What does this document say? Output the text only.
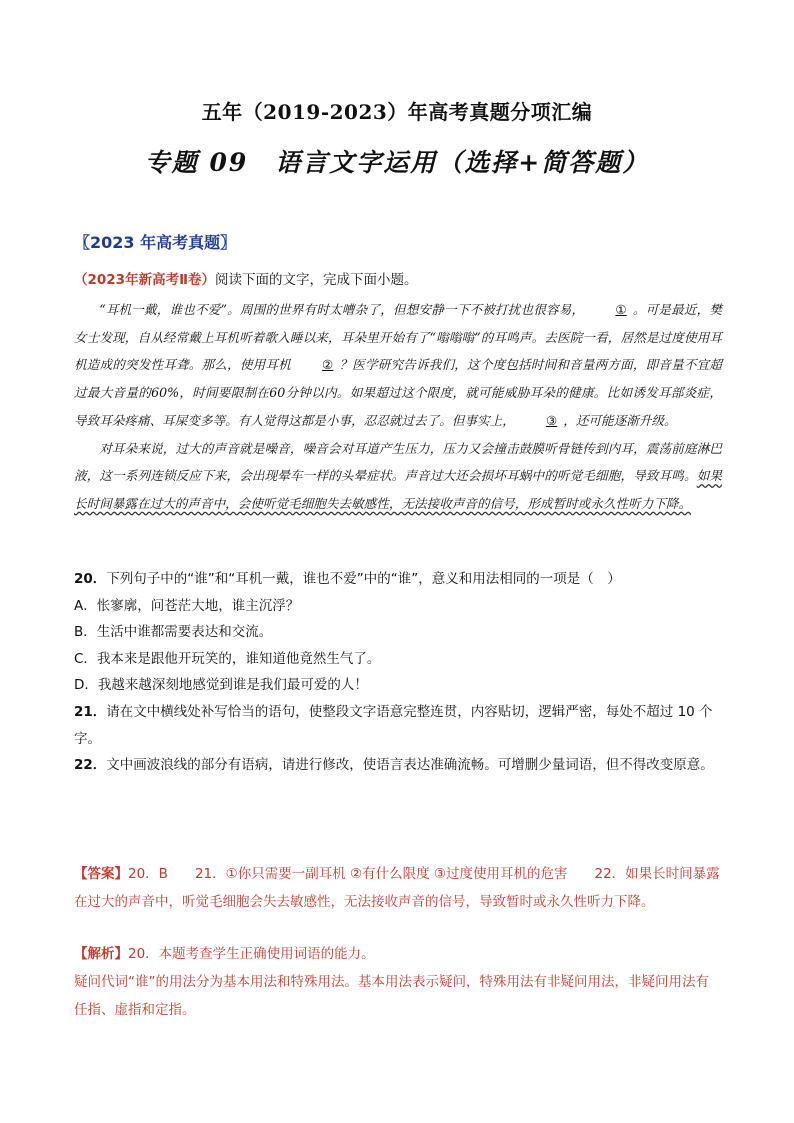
五年（2019-2023）年高考真题分项汇编
专题 09　语言文字运用（选择+简答题）
〖2023 年高考真题〗
（2023年新高考Ⅱ卷）阅读下面的文字，完成下面小题。

“耳机一戴，谁也不爱”。周围的世界有时太嘈杂了，但想安静一下不被打扰也很容易， ① 。可是最近，樊女士发现，自从经常戴上耳机听着歌入睡以来，耳朵里开始有了“嗡嗡嗡”的耳鸣声。去医院一看，居然是过度使用耳机造成的突发性耳聋。那么，使用耳机 ② ？医学研究告诉我们，这个度包括时间和音量两方面，即音量不宜超过最大音量的60%，时间要限制在60分钟以内。如果超过这个限度，就可能威胁耳朵的健康。比如诱发耳部炎症，导致耳朵疼痛、耳屎变多等。有人觉得这都是小事，忍忍就过去了。但事实上， ③ ，还可能逐渐升级。

对耳朵来说，过大的声音就是噪音，噪音会对耳道产生压力，压力又会撞击鼓膜听骨链传到内耳，震荡前庭淋巴液，这一系列连锁反应下来，会出现晕车一样的头晕症状。声音过大还会损坏耳蜗中的听觉毛细胞，导致耳鸣。如果长时间暴露在过大的声音中，会使听觉毛细胞失去敏感性，无法接收声音的信号，形成暂时或永久性听力下降。

20．下列句子中的“谁”和“耳机一戴，谁也不爱”中的“谁”，意义和用法相同的一项是（　）
A．怅寥廓，问苍茫大地，谁主沉浮？
B．生活中谁都需要表达和交流。
C．我本来是跟他开玩笑的，谁知道他竟然生气了。
D．我越来越深刻地感觉到谁是我们最可爱的人！
21．请在文中横线处补写恰当的语句，使整段文字语意完整连贯，内容贴切，逻辑严密，每处不超过 10 个字。
22．文中画波浪线的部分有语病，请进行修改，使语言表达准确流畅。可增删少量词语，但不得改变原意。
【答案】20．B　　21．①你只需要一副耳机 ②有什么限度 ③过度使用耳机的危害　　22．如果长时间暴露在过大的声音中，听觉毛细胞会失去敏感性，无法接收声音的信号，导致暂时或永久性听力下降。
【解析】20．本题考查学生正确使用词语的能力。
疑问代词“谁”的用法分为基本用法和特殊用法。基本用法表示疑问，特殊用法有非疑问用法，非疑问用法有任指、虚指和定指。
